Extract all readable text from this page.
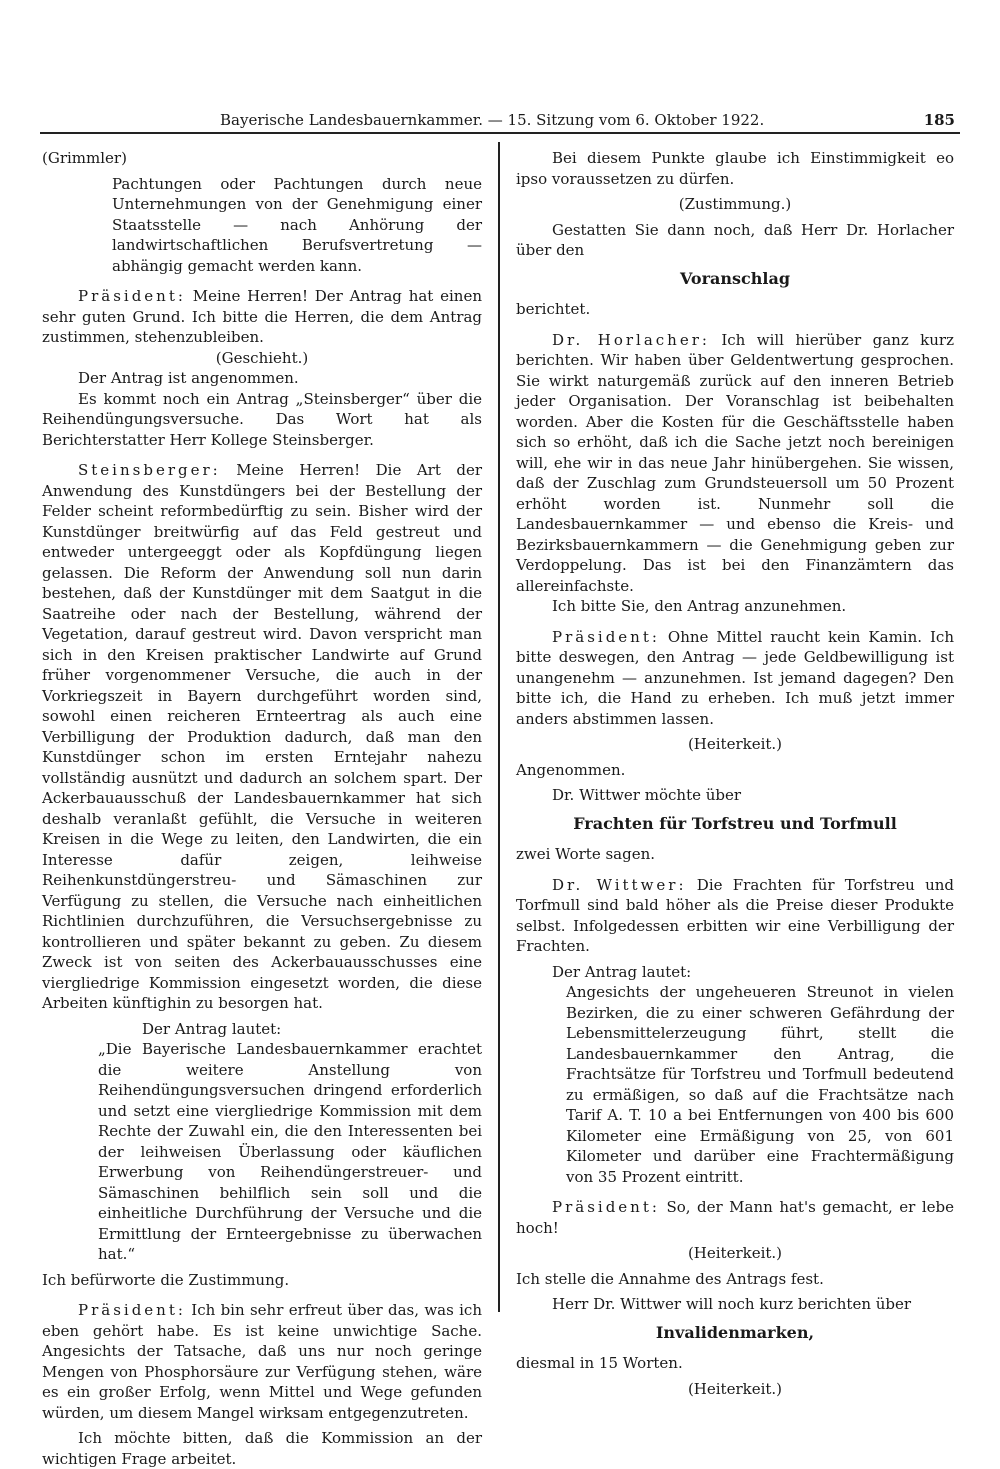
Bayerische Landesbauernkammer. — 15. Sitzung vom 6. Oktober 1922.	185

(Grimmler)

Pachtungen oder Pachtungen durch neue Unternehmungen von der Genehmigung einer Staatsstelle — nach Anhörung der landwirtschaftlichen Berufsvertretung — abhängig gemacht werden kann.

Präsident: Meine Herren! Der Antrag hat einen sehr guten Grund. Ich bitte die Herren, die dem Antrag zustimmen, stehenzubleiben.

(Geschieht.)

Der Antrag ist angenommen.

Es kommt noch ein Antrag „Steinsberger“ über die Reihendüngungsversuche. Das Wort hat als Berichterstatter Herr Kollege Steinsberger.

Steinsberger: Meine Herren! Die Art der Anwendung des Kunstdüngers bei der Bestellung der Felder scheint reformbedürftig zu sein. Bisher wird der Kunstdünger breitwürfig auf das Feld gestreut und entweder untergeeggt oder als Kopfdüngung liegen gelassen. Die Reform der Anwendung soll nun darin bestehen, daß der Kunstdünger mit dem Saatgut in die Saatreihe oder nach der Bestellung, während der Vegetation, darauf gestreut wird. Davon verspricht man sich in den Kreisen praktischer Landwirte auf Grund früher vorgenommener Versuche, die auch in der Vorkriegszeit in Bayern durchgeführt worden sind, sowohl einen reicheren Ernteertrag als auch eine Verbilligung der Produktion dadurch, daß man den Kunstdünger schon im ersten Erntejahr nahezu vollständig ausnützt und dadurch an solchem spart. Der Ackerbauausschuß der Landesbauernkammer hat sich deshalb veranlaßt gefühlt, die Versuche in weiteren Kreisen in die Wege zu leiten, den Landwirten, die ein Interesse dafür zeigen, leihweise Reihenkunstdüngerstreu- und Sämaschinen zur Verfügung zu stellen, die Versuche nach einheitlichen Richtlinien durchzuführen, die Versuchsergebnisse zu kontrollieren und später bekannt zu geben. Zu diesem Zweck ist von seiten des Ackerbauausschusses eine viergliedrige Kommission eingesetzt worden, die diese Arbeiten künftighin zu besorgen hat.

Der Antrag lautet:

„Die Bayerische Landesbauernkammer erachtet die weitere Anstellung von Reihendüngungsversuchen dringend erforderlich und setzt eine viergliedrige Kommission mit dem Rechte der Zuwahl ein, die den Interessenten bei der leihweisen Überlassung oder käuflichen Erwerbung von Reihendüngerstreuer- und Sämaschinen behilflich sein soll und die einheitliche Durchführung der Versuche und die Ermittlung der Ernteergebnisse zu überwachen hat.“

Ich befürworte die Zustimmung.

Präsident: Ich bin sehr erfreut über das, was ich eben gehört habe. Es ist keine unwichtige Sache. Angesichts der Tatsache, daß uns nur noch geringe Mengen von Phosphorsäure zur Verfügung stehen, wäre es ein großer Erfolg, wenn Mittel und Wege gefunden würden, um diesem Mangel wirksam entgegenzutreten.

Ich möchte bitten, daß die Kommission an der wichtigen Frage arbeitet.

Bei diesem Punkte glaube ich Einstimmigkeit eo ipso voraussetzen zu dürfen.

(Zustimmung.)

Gestatten Sie dann noch, daß Herr Dr. Horlacher über den

Voranschlag

berichtet.

Dr. Horlacher: Ich will hierüber ganz kurz berichten. Wir haben über Geldentwertung gesprochen. Sie wirkt naturgemäß zurück auf den inneren Betrieb jeder Organisation. Der Voranschlag ist beibehalten worden. Aber die Kosten für die Geschäftsstelle haben sich so erhöht, daß ich die Sache jetzt noch bereinigen will, ehe wir in das neue Jahr hinübergehen. Sie wissen, daß der Zuschlag zum Grundsteuersoll um 50 Prozent erhöht worden ist. Nunmehr soll die Landesbauernkammer — und ebenso die Kreis- und Bezirksbauernkammern — die Genehmigung geben zur Verdoppelung. Das ist bei den Finanzämtern das allereinfachste.

Ich bitte Sie, den Antrag anzunehmen.

Präsident: Ohne Mittel raucht kein Kamin. Ich bitte deswegen, den Antrag — jede Geldbewilligung ist unangenehm — anzunehmen. Ist jemand dagegen? Den bitte ich, die Hand zu erheben. Ich muß jetzt immer anders abstimmen lassen.

(Heiterkeit.)

Angenommen.

Dr. Wittwer möchte über

Frachten für Torfstreu und Torfmull

zwei Worte sagen.

Dr. Wittwer: Die Frachten für Torfstreu und Torfmull sind bald höher als die Preise dieser Produkte selbst. Infolgedessen erbitten wir eine Verbilligung der Frachten.

Der Antrag lautet:

Angesichts der ungeheueren Streunot in vielen Bezirken, die zu einer schweren Gefährdung der Lebensmittelerzeugung führt, stellt die Landesbauernkammer den Antrag, die Frachtsätze für Torfstreu und Torfmull bedeutend zu ermäßigen, so daß auf die Frachtsätze nach Tarif A. T. 10 a bei Entfernungen von 400 bis 600 Kilometer eine Ermäßigung von 25, von 601 Kilometer und darüber eine Frachtermäßigung von 35 Prozent eintritt.

Präsident: So, der Mann hat's gemacht, er lebe hoch!

(Heiterkeit.)

Ich stelle die Annahme des Antrags fest.

Herr Dr. Wittwer will noch kurz berichten über

Invalidenmarken,

diesmal in 15 Worten.

(Heiterkeit.)
